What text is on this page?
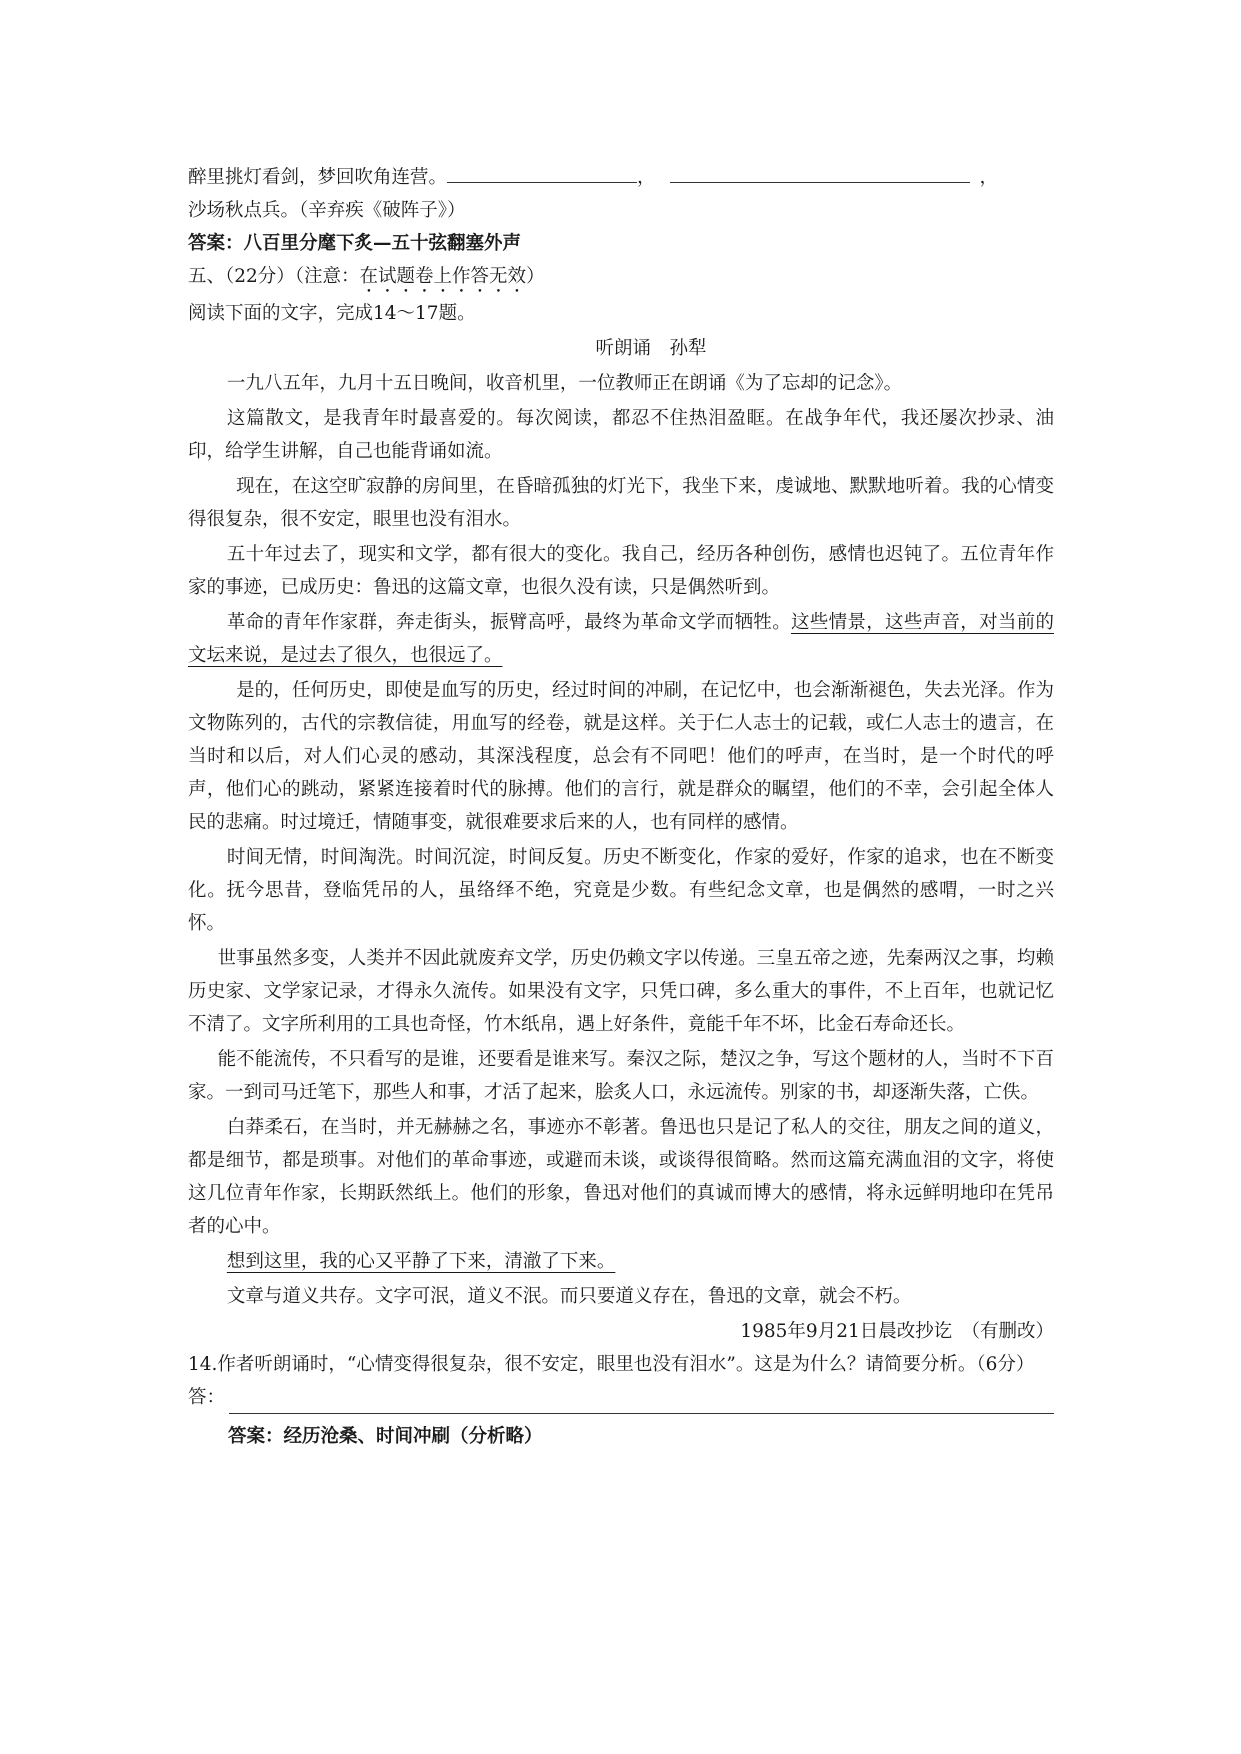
醉里挑灯看剑，梦回吹角连营。	，	，
沙场秋点兵。（辛弃疾《破阵子》）
答案：八百里分麾下炙—五十弦翻塞外声
五、（22分）（注意：在试题卷上作答无效）
阅读下面的文字，完成14～17题。
听朗诵　孙犁

一九八五年，九月十五日晚间，收音机里，一位教师正在朗诵《为了忘却的记念》。

这篇散文，是我青年时最喜爱的。每次阅读，都忍不住热泪盈眶。在战争年代，我还屡次抄录、油印，给学生讲解，自己也能背诵如流。

现在，在这空旷寂静的房间里，在昏暗孤独的灯光下，我坐下来，虔诚地、默默地听着。我的心情变得很复杂，很不安定，眼里也没有泪水。

五十年过去了，现实和文学，都有很大的变化。我自己，经历各种创伤，感情也迟钝了。五位青年作家的事迹，已成历史：鲁迅的这篇文章，也很久没有读，只是偶然听到。

革命的青年作家群，奔走街头，振臂高呼，最终为革命文学而牺牲。这些情景，这些声音，对当前的文坛来说，是过去了很久，也很远了。

是的，任何历史，即使是血写的历史，经过时间的冲刷，在记忆中，也会渐渐褪色，失去光泽。作为文物陈列的，古代的宗教信徒，用血写的经卷，就是这样。关于仁人志士的记载，或仁人志士的遗言，在当时和以后，对人们心灵的感动，其深浅程度，总会有不同吧！他们的呼声，在当时，是一个时代的呼声，他们心的跳动，紧紧连接着时代的脉搏。他们的言行，就是群众的瞩望，他们的不幸，会引起全体人民的悲痛。时过境迁，情随事变，就很难要求后来的人，也有同样的感情。

时间无情，时间淘洗。时间沉淀，时间反复。历史不断变化，作家的爱好，作家的追求，也在不断变化。抚今思昔，登临凭吊的人，虽络绎不绝，究竟是少数。有些纪念文章，也是偶然的感喟，一时之兴怀。

世事虽然多变，人类并不因此就废弃文学，历史仍赖文字以传递。三皇五帝之迹，先秦两汉之事，均赖历史家、文学家记录，才得永久流传。如果没有文字，只凭口碑，多么重大的事件，不上百年，也就记忆不清了。文字所利用的工具也奇怪，竹木纸帛，遇上好条件，竟能千年不坏，比金石寿命还长。

能不能流传，不只看写的是谁，还要看是谁来写。秦汉之际，楚汉之争，写这个题材的人，当时不下百家。一到司马迁笔下，那些人和事，才活了起来，脍炙人口，永远流传。别家的书，却逐渐失落，亡佚。

白莽柔石，在当时，并无赫赫之名，事迹亦不彰著。鲁迅也只是记了私人的交往，朋友之间的道义，都是细节，都是琐事。对他们的革命事迹，或避而未谈，或谈得很简略。然而这篇充满血泪的文字，将使这几位青年作家，长期跃然纸上。他们的形象，鲁迅对他们的真诚而博大的感情，将永远鲜明地印在凭吊者的心中。

想到这里，我的心又平静了下来，清澈了下来。

文章与道义共存。文字可泯，道义不泯。而只要道义存在，鲁迅的文章，就会不朽。

1985年9月21日晨改抄讫　（有删改）
14.作者听朗诵时，“心情变得很复杂，很不安定，眼里也没有泪水”。这是为什么？请简要分析。（6分）
答：
答案：经历沧桑、时间冲刷（分析略）
